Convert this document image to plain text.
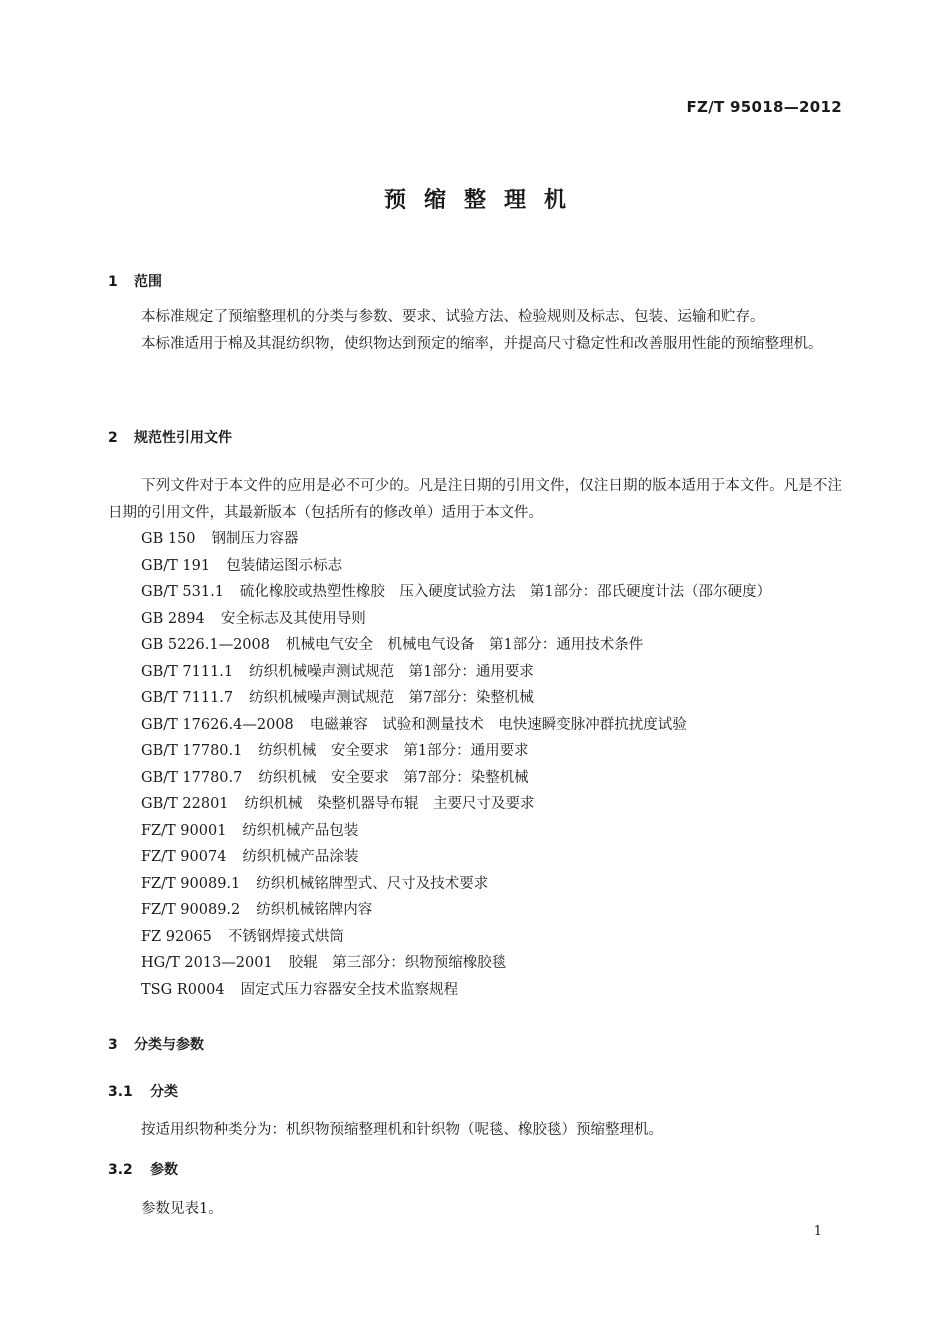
FZ/T 95018—2012
预缩整理机
1 范围

本标准规定了预缩整理机的分类与参数、要求、试验方法、检验规则及标志、包装、运输和贮存。

本标准适用于棉及其混纺织物，使织物达到预定的缩率，并提高尺寸稳定性和改善服用性能的预缩整理机。

2 规范性引用文件

下列文件对于本文件的应用是必不可少的。凡是注日期的引用文件，仅注日期的版本适用于本文件。凡是不注日期的引用文件，其最新版本（包括所有的修改单）适用于本文件。

GB 150 钢制压力容器
GB/T 191 包装储运图示标志
GB/T 531.1 硫化橡胶或热塑性橡胶　压入硬度试验方法　第1部分：邵氏硬度计法（邵尔硬度）
GB 2894 安全标志及其使用导则
GB 5226.1—2008 机械电气安全　机械电气设备　第1部分：通用技术条件
GB/T 7111.1 纺织机械噪声测试规范　第1部分：通用要求
GB/T 7111.7 纺织机械噪声测试规范　第7部分：染整机械
GB/T 17626.4—2008 电磁兼容　试验和测量技术　电快速瞬变脉冲群抗扰度试验
GB/T 17780.1 纺织机械　安全要求　第1部分：通用要求
GB/T 17780.7 纺织机械　安全要求　第7部分：染整机械
GB/T 22801 纺织机械　染整机器导布辊　主要尺寸及要求
FZ/T 90001 纺织机械产品包装
FZ/T 90074 纺织机械产品涂装
FZ/T 90089.1 纺织机械铭牌型式、尺寸及技术要求
FZ/T 90089.2 纺织机械铭牌内容
FZ 92065 不锈钢焊接式烘筒
HG/T 2013—2001 胶辊　第三部分：织物预缩橡胶毯
TSG R0004 固定式压力容器安全技术监察规程
3 分类与参数
3.1 分类
按适用织物种类分为：机织物预缩整理机和针织物（呢毯、橡胶毯）预缩整理机。
3.2 参数
参数见表1。
1
